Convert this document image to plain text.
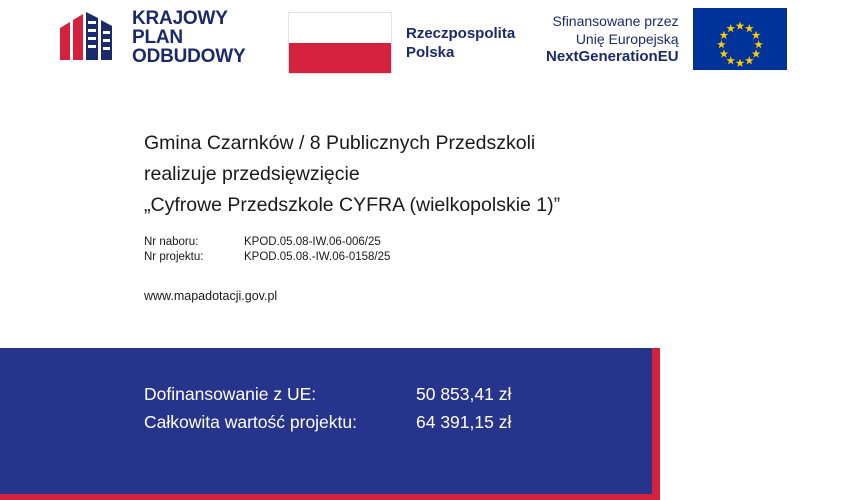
KRAJOWY
PLAN
ODBUDOWY
Rzeczpospolita
Polska
Sfinansowane przez
Unię Europejską
NextGenerationEU
Gmina Czarnków / 8 Publicznych Przedszkoli
realizuje przedsięwzięcie
„Cyfrowe Przedszkole CYFRA (wielkopolskie 1)”
Nr naboru:	KPOD.05.08-IW.06-006/25
Nr projektu:	KPOD.05.08.-IW.06-0158/25
www.mapadotacji.gov.pl
Dofinansowanie z UE:	50 853,41 zł
Całkowita wartość projektu:	64 391,15 zł
